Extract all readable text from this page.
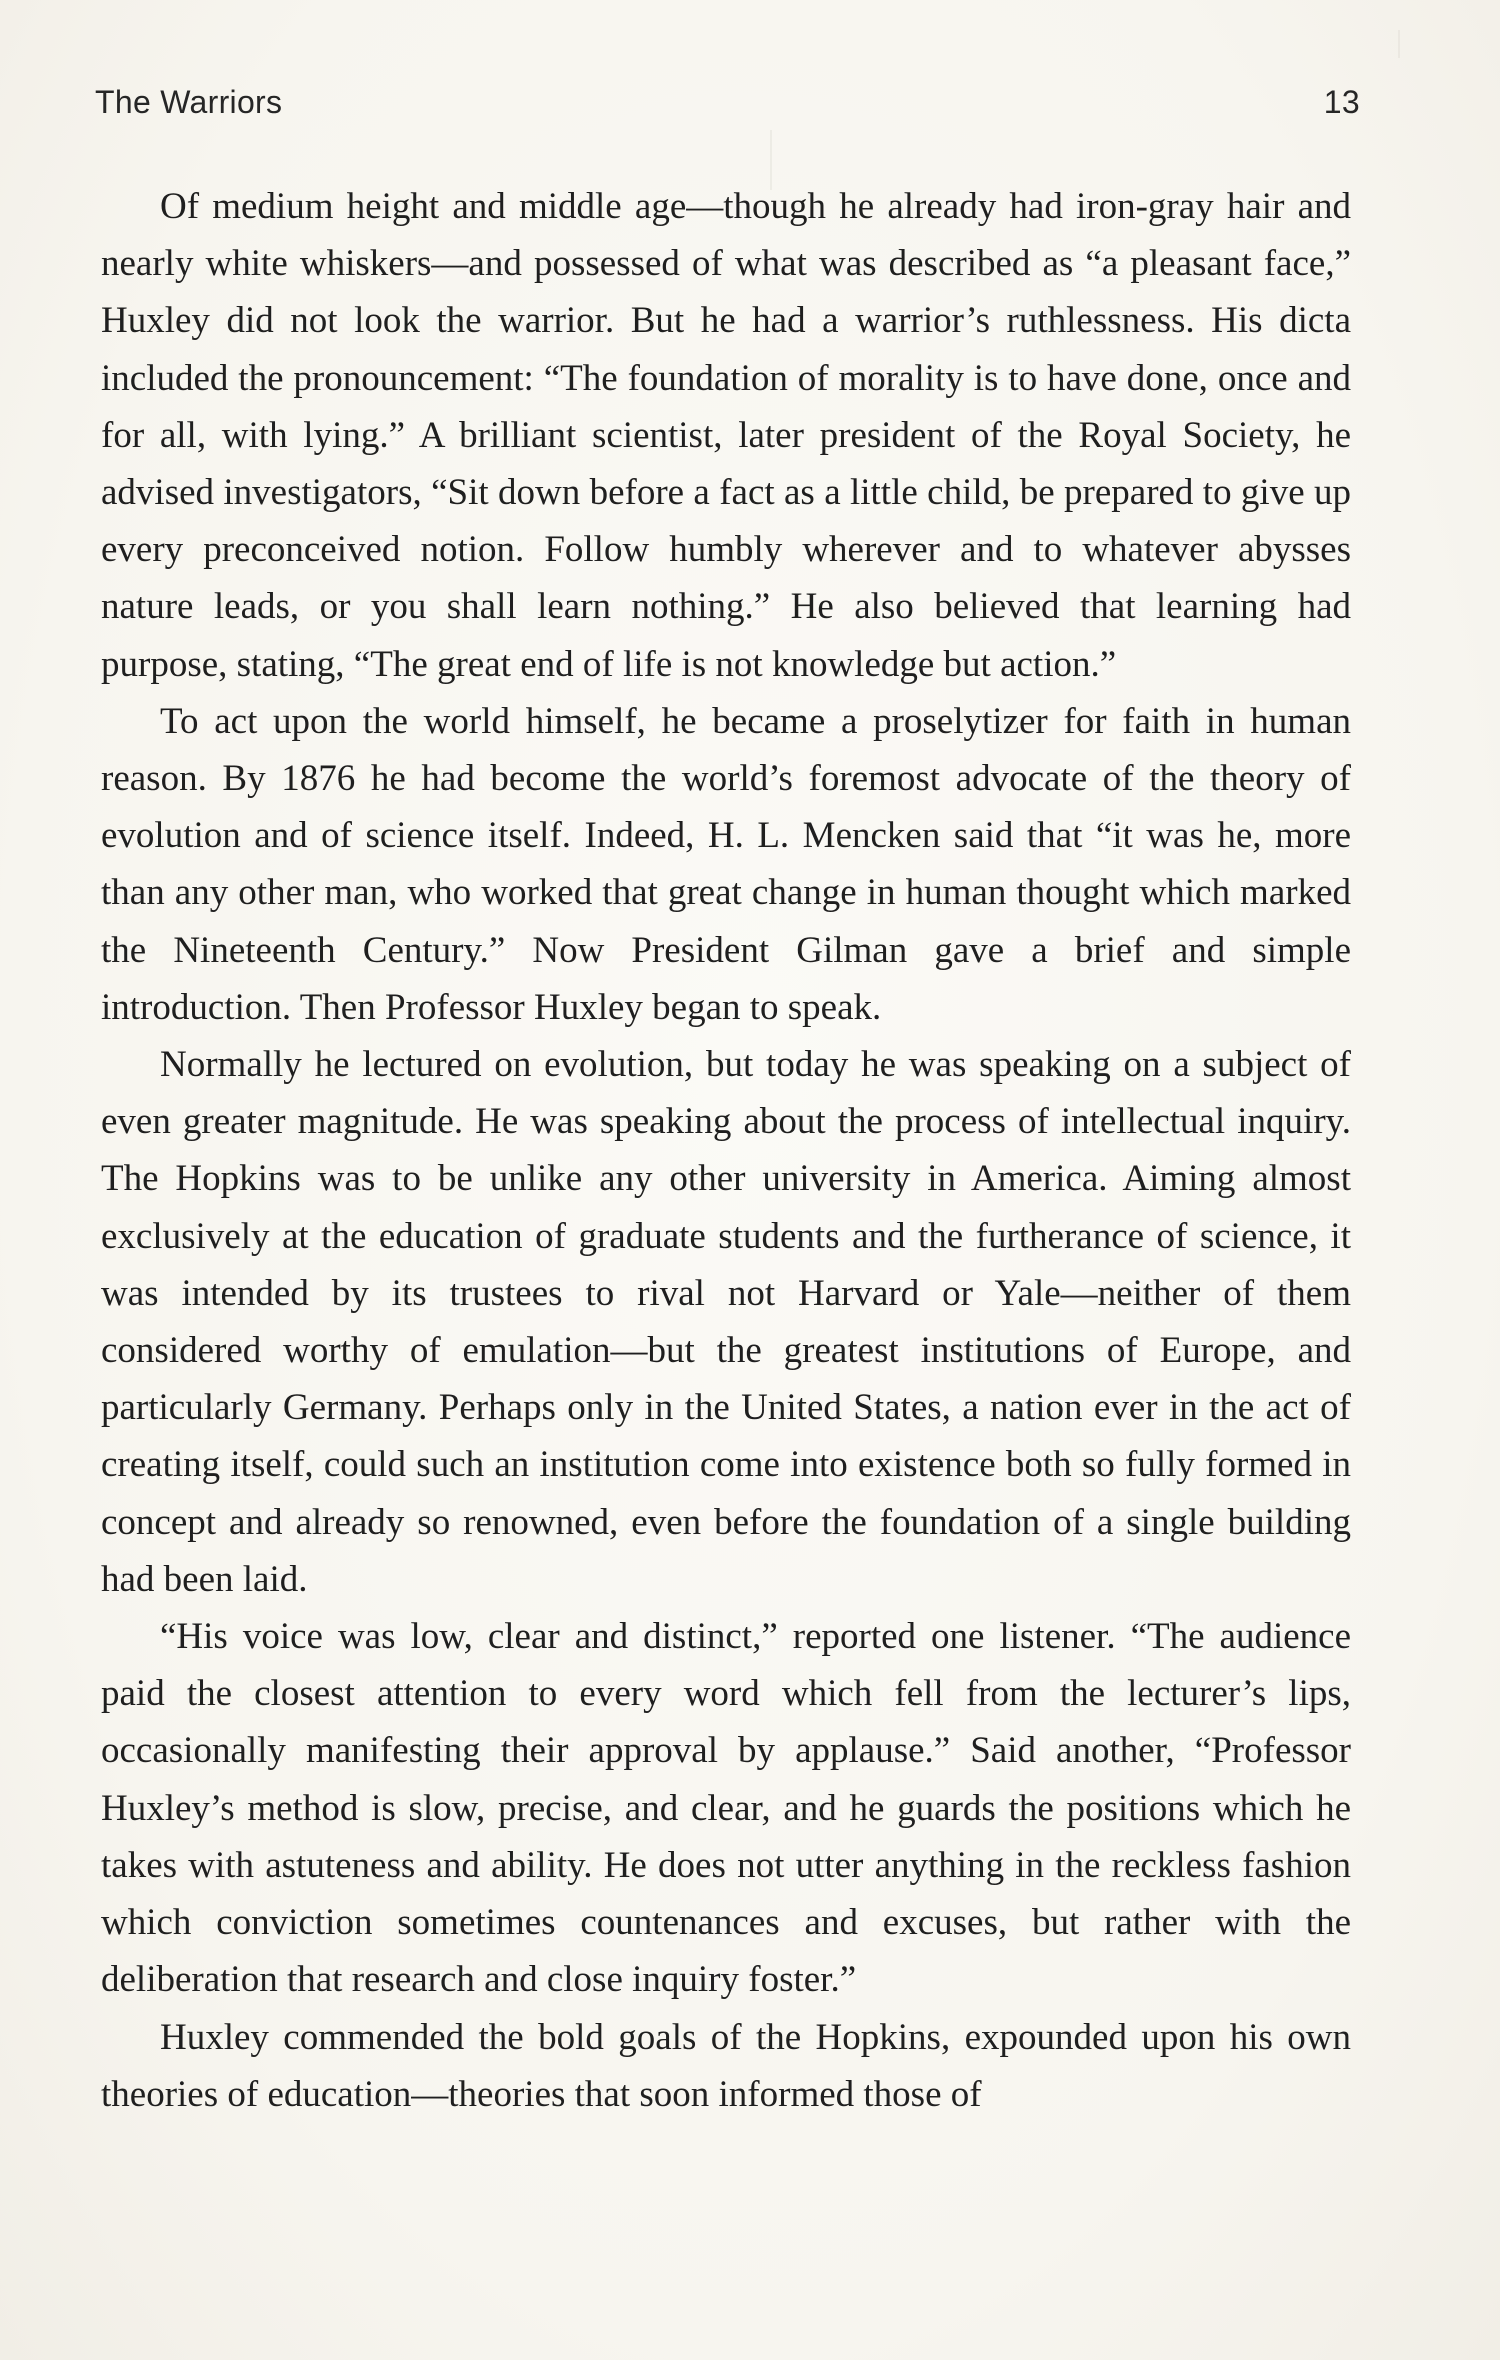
The Warriors	13

Of medium height and middle age—though he already had iron-gray hair and nearly white whiskers—and possessed of what was described as “a pleasant face,” Huxley did not look the warrior. But he had a warrior’s ruthlessness. His dicta included the pronouncement: “The foundation of morality is to have done, once and for all, with lying.” A brilliant scientist, later president of the Royal Society, he advised investigators, “Sit down before a fact as a little child, be prepared to give up every preconceived notion. Follow humbly wherever and to whatever abysses nature leads, or you shall learn nothing.” He also believed that learning had purpose, stating, “The great end of life is not knowledge but action.”

To act upon the world himself, he became a proselytizer for faith in human reason. By 1876 he had become the world’s foremost advocate of the theory of evolution and of science itself. Indeed, H. L. Mencken said that “it was he, more than any other man, who worked that great change in human thought which marked the Nineteenth Century.” Now President Gilman gave a brief and simple introduction. Then Professor Huxley began to speak.

Normally he lectured on evolution, but today he was speaking on a subject of even greater magnitude. He was speaking about the process of intellectual inquiry. The Hopkins was to be unlike any other university in America. Aiming almost exclusively at the education of graduate students and the furtherance of science, it was intended by its trustees to rival not Harvard or Yale—neither of them considered worthy of emulation—but the greatest institutions of Europe, and particularly Germany. Perhaps only in the United States, a nation ever in the act of creating itself, could such an institution come into existence both so fully formed in concept and already so renowned, even before the foundation of a single building had been laid.

“His voice was low, clear and distinct,” reported one listener. “The audience paid the closest attention to every word which fell from the lecturer’s lips, occasionally manifesting their approval by applause.” Said another, “Professor Huxley’s method is slow, precise, and clear, and he guards the positions which he takes with astuteness and ability. He does not utter anything in the reckless fashion which conviction sometimes countenances and excuses, but rather with the deliberation that research and close inquiry foster.”

Huxley commended the bold goals of the Hopkins, expounded upon his own theories of education—theories that soon informed those of
